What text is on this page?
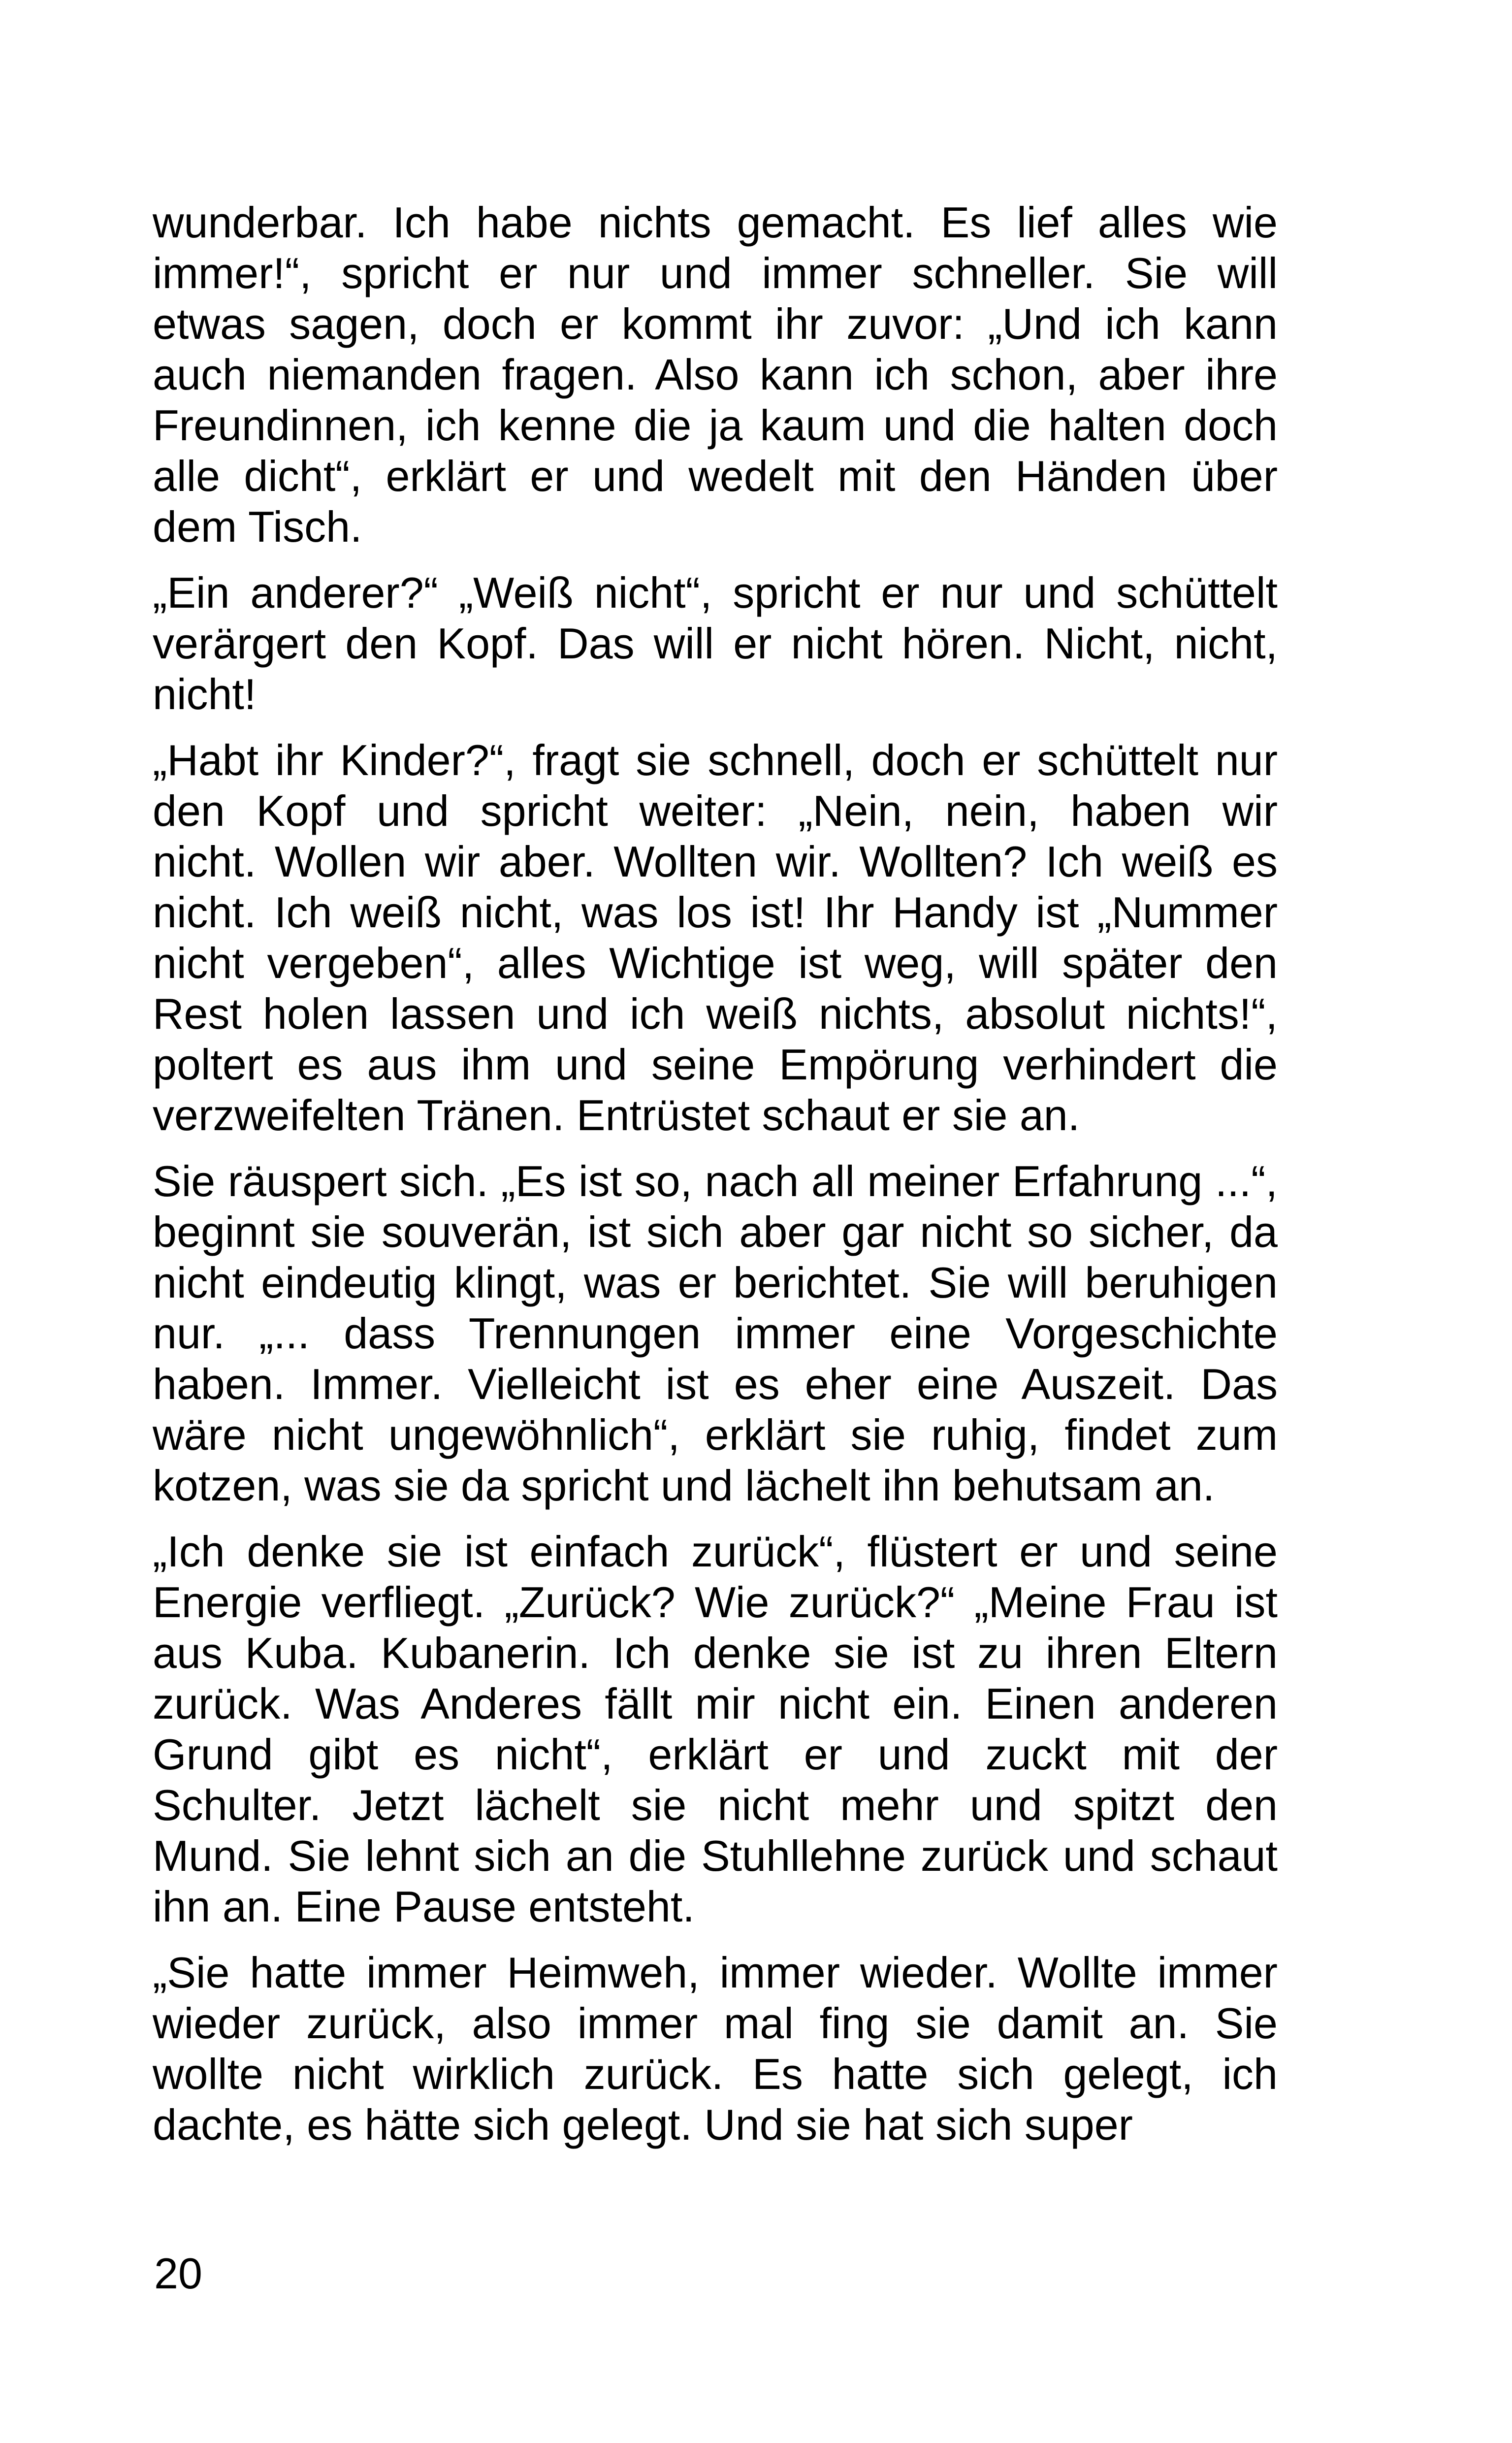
wunderbar. Ich habe nichts gemacht. Es lief alles wie
immer!“, spricht er nur und immer schneller. Sie will
etwas sagen, doch er kommt ihr zuvor: „Und ich kann
auch niemanden fragen. Also kann ich schon, aber ihre
Freundinnen, ich kenne die ja kaum und die halten doch
alle dicht“, erklärt er und wedelt mit den Händen über
dem Tisch.

„Ein anderer?“ „Weiß nicht“, spricht er nur und schüttelt
verärgert den Kopf. Das will er nicht hören. Nicht, nicht,
nicht!

„Habt ihr Kinder?“, fragt sie schnell, doch er schüttelt nur
den Kopf und spricht weiter: „Nein, nein, haben wir
nicht. Wollen wir aber. Wollten wir. Wollten? Ich weiß es
nicht. Ich weiß nicht, was los ist! Ihr Handy ist „Nummer
nicht vergeben“, alles Wichtige ist weg, will später den
Rest holen lassen und ich weiß nichts, absolut nichts!“,
poltert es aus ihm und seine Empörung verhindert die
verzweifelten Tränen. Entrüstet schaut er sie an.

Sie räuspert sich. „Es ist so, nach all meiner Erfahrung ...“,
beginnt sie souverän, ist sich aber gar nicht so sicher, da
nicht eindeutig klingt, was er berichtet. Sie will beruhigen
nur. „... dass Trennungen immer eine Vorgeschichte
haben. Immer. Vielleicht ist es eher eine Auszeit. Das
wäre nicht ungewöhnlich“, erklärt sie ruhig, findet zum
kotzen, was sie da spricht und lächelt ihn behutsam an.

„Ich denke sie ist einfach zurück“, flüstert er und seine
Energie verfliegt. „Zurück? Wie zurück?“ „Meine Frau ist
aus Kuba. Kubanerin. Ich denke sie ist zu ihren Eltern
zurück. Was Anderes fällt mir nicht ein. Einen anderen
Grund gibt es nicht“, erklärt er und zuckt mit der
Schulter. Jetzt lächelt sie nicht mehr und spitzt den
Mund. Sie lehnt sich an die Stuhllehne zurück und schaut
ihn an. Eine Pause entsteht.

„Sie hatte immer Heimweh, immer wieder. Wollte immer
wieder zurück, also immer mal fing sie damit an. Sie
wollte nicht wirklich zurück. Es hatte sich gelegt, ich
dachte, es hätte sich gelegt. Und sie hat sich super

20
